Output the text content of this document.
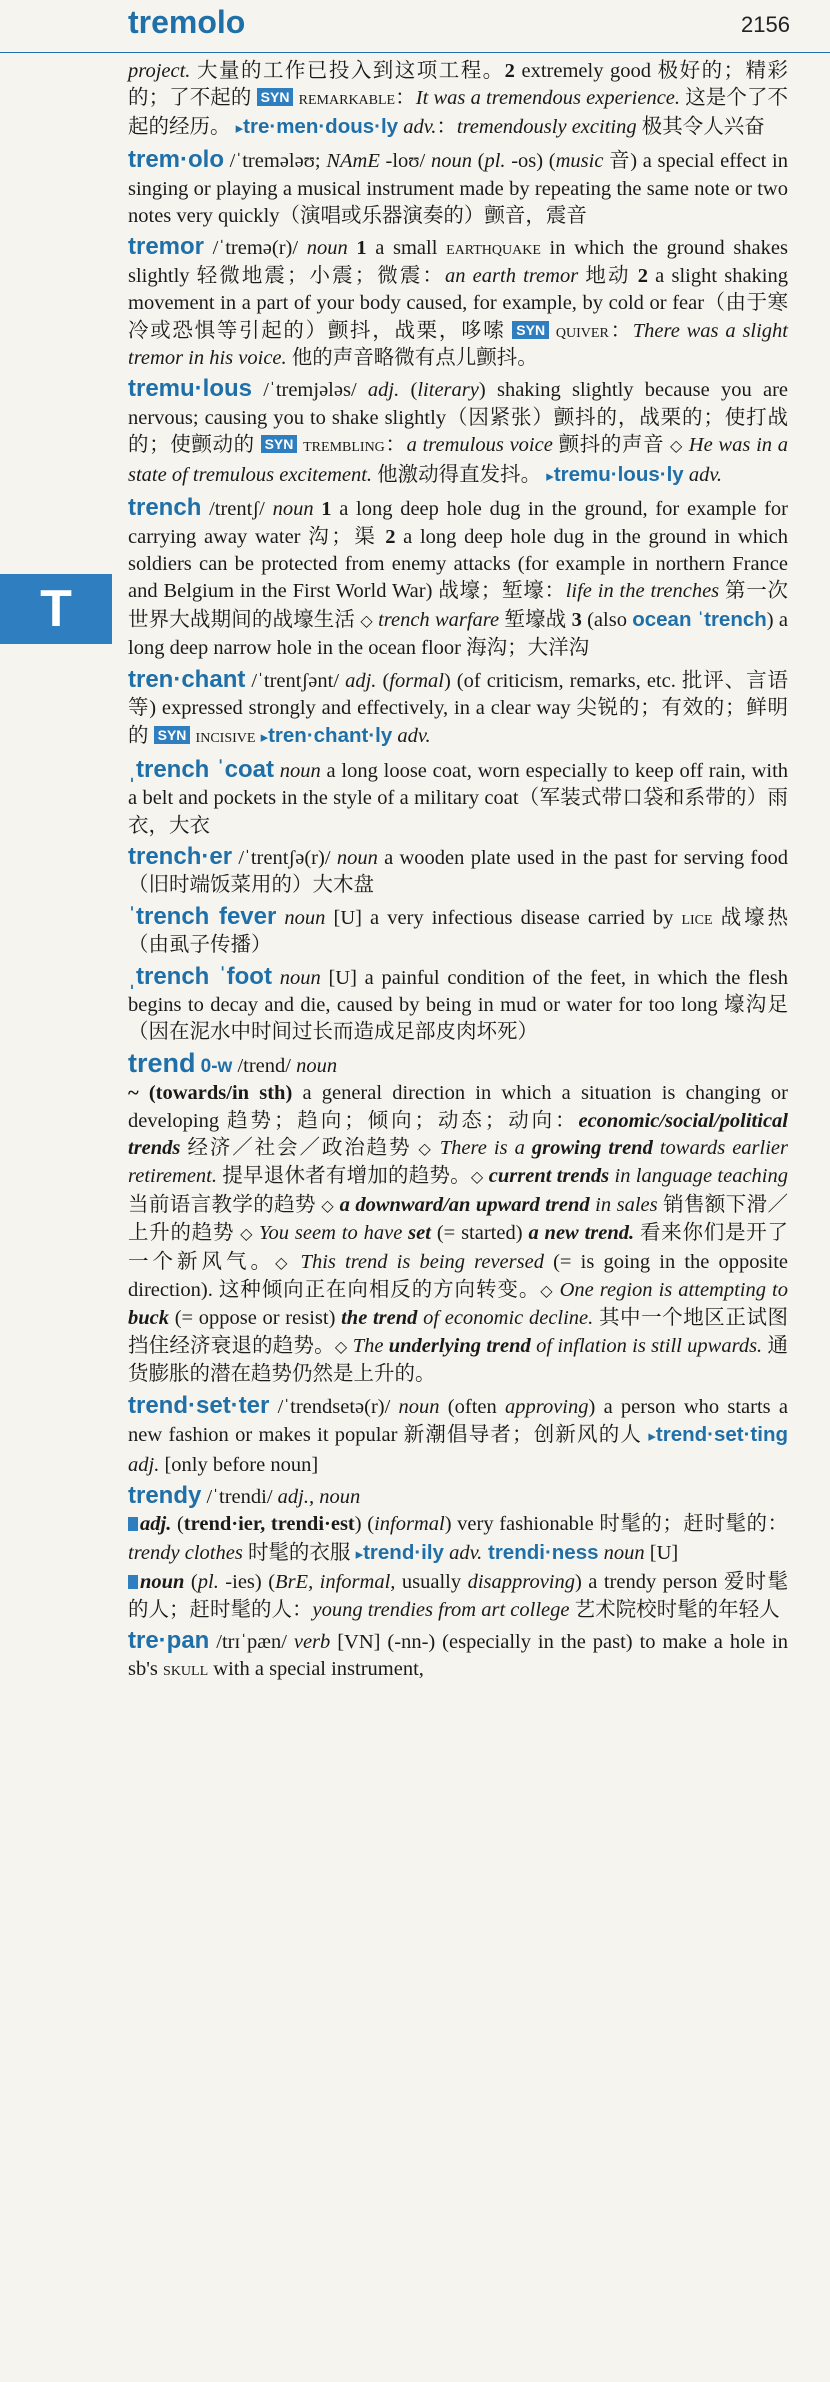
tremolo	2156
T

project. 大量的工作已投入到这项工程。2 extremely good 极好的；精彩的；了不起的 SYN remarkable：It was a tremendous experience. 这是个了不起的经历。 ▸tre·men·dous·ly adv.：tremendously exciting 极其令人兴奋

trem·olo /ˈtreməlәʊ; NAmE -loʊ/ noun (pl. -os) (music 音) a special effect in singing or playing a musical instrument made by repeating the same note or two notes very quickly（演唱或乐器演奏的）颤音，震音

tremor /ˈtremә(r)/ noun 1 a small earthquake in which the ground shakes slightly 轻微地震；小震；微震：an earth tremor 地动 2 a slight shaking movement in a part of your body caused, for example, by cold or fear（由于寒冷或恐惧等引起的）颤抖，战栗，哆嗦 SYN quiver：There was a slight tremor in his voice. 他的声音略微有点儿颤抖。

tremu·lous /ˈtremjәlәs/ adj. (literary) shaking slightly because you are nervous; causing you to shake slightly（因紧张）颤抖的，战栗的；使打战的；使颤动的 SYN trembling：a tremulous voice 颤抖的声音 ◇ He was in a state of tremulous excitement. 他激动得直发抖。 ▸tremu·lous·ly adv.

trench /trentʃ/ noun 1 a long deep hole dug in the ground, for example for carrying away water 沟；渠 2 a long deep hole dug in the ground in which soldiers can be protected from enemy attacks (for example in northern France and Belgium in the First World War) 战壕；堑壕：life in the trenches 第一次世界大战期间的战壕生活 ◇ trench warfare 堑壕战 3 (also ocean ˈtrench) a long deep narrow hole in the ocean floor 海沟；大洋沟

tren·chant /ˈtrentʃәnt/ adj. (formal) (of criticism, remarks, etc. 批评、言语等) expressed strongly and effectively, in a clear way 尖锐的；有效的；鲜明的 SYN incisive ▸tren·chant·ly adv.

ˌtrench ˈcoat noun a long loose coat, worn especially to keep off rain, with a belt and pockets in the style of a military coat（军装式带口袋和系带的）雨衣，大衣

trench·er /ˈtrentʃә(r)/ noun a wooden plate used in the past for serving food（旧时端饭菜用的）大木盘

ˈtrench fever noun [U] a very infectious disease carried by lice 战壕热（由虱子传播）

ˌtrench ˈfoot noun [U] a painful condition of the feet, in which the flesh begins to decay and die, caused by being in mud or water for too long 壕沟足（因在泥水中时间过长而造成足部皮肉坏死）

trend 0-w /trend/ noun
~ (towards/in sth) a general direction in which a situation is changing or developing 趋势；趋向；倾向；动态；动向：economic/social/political trends 经济／社会／政治趋势 ◇ There is a growing trend towards earlier retirement. 提早退休者有增加的趋势。◇ current trends in language teaching 当前语言教学的趋势 ◇ a downward/an upward trend in sales 销售额下滑／上升的趋势 ◇ You seem to have set (= started) a new trend. 看来你们是开了一个新风气。◇ This trend is being reversed (= is going in the opposite direction). 这种倾向正在向相反的方向转变。◇ One region is attempting to buck (= oppose or resist) the trend of economic decline. 其中一个地区正试图挡住经济衰退的趋势。◇ The underlying trend of inflation is still upwards. 通货膨胀的潜在趋势仍然是上升的。

trend·set·ter /ˈtrendsetә(r)/ noun (often approving) a person who starts a new fashion or makes it popular 新潮倡导者；创新风的人 ▸trend·set·ting adj. [only before noun]

trendy /ˈtrendi/ adj., noun
adj. (trend·ier, trendi·est) (informal) very fashionable 时髦的；赶时髦的：trendy clothes 时髦的衣服 ▸trend·ily adv. trendi·ness noun [U]
noun (pl. -ies) (BrE, informal, usually disapproving) a trendy person 爱时髦的人；赶时髦的人：young trendies from art college 艺术院校时髦的年轻人

tre·pan /trɪˈpæn/ verb [VN] (-nn-) (especially in the past) to make a hole in sb's skull with a special instrument,
